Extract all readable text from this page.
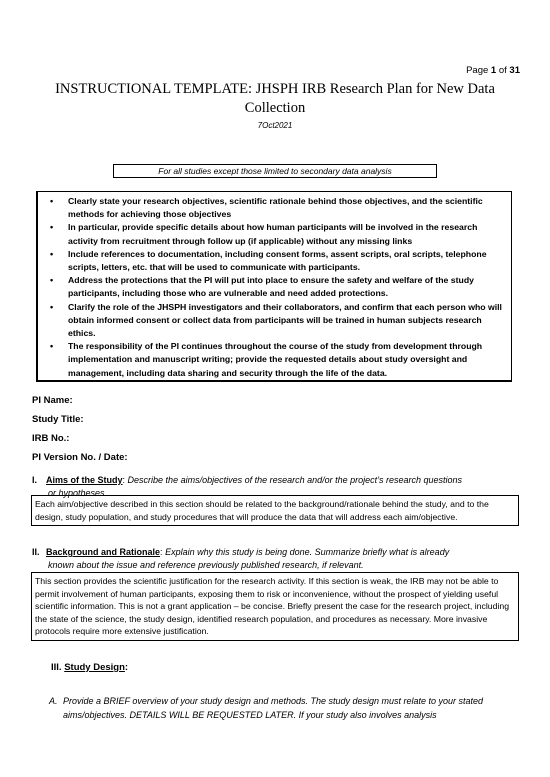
Page 1 of 31
INSTRUCTIONAL TEMPLATE: JHSPH IRB Research Plan for New Data Collection
7Oct2021
For all studies except those limited to secondary data analysis
• Clearly state your research objectives, scientific rationale behind those objectives, and the scientific methods for achieving those objectives
• In particular, provide specific details about how human participants will be involved in the research activity from recruitment through follow up (if applicable) without any missing links
• Include references to documentation, including consent forms, assent scripts, oral scripts, telephone scripts, letters, etc. that will be used to communicate with participants.
• Address the protections that the PI will put into place to ensure the safety and welfare of the study participants, including those who are vulnerable and need added protections.
• Clarify the role of the JHSPH investigators and their collaborators, and confirm that each person who will obtain informed consent or collect data from participants will be trained in human subjects research ethics.
• The responsibility of the PI continues throughout the course of the study from development through implementation and manuscript writing; provide the requested details about study oversight and management, including data sharing and security through the life of the data.
PI Name:
Study Title:
IRB No.:
PI Version No. / Date:
I. Aims of the Study: Describe the aims/objectives of the research and/or the project’s research questions
or hypotheses.
Each aim/objective described in this section should be related to the background/rationale behind the study, and to the design, study population, and study procedures that will produce the data that will address each aim/objective.
II. Background and Rationale: Explain why this study is being done. Summarize briefly what is already
known about the issue and reference previously published research, if relevant.
This section provides the scientific justification for the research activity. If this section is weak, the IRB may not be able to permit involvement of human participants, exposing them to risk or inconvenience, without the prospect of yielding useful scientific information. This is not a grant application – be concise. Briefly present the case for the research project, including the state of the science, the study design, identified research population, and procedures as necessary. More invasive protocols require more extensive justification.
III. Study Design:
A. Provide a BRIEF overview of your study design and methods. The study design must relate to your stated aims/objectives. DETAILS WILL BE REQUESTED LATER. If your study also involves analysis
